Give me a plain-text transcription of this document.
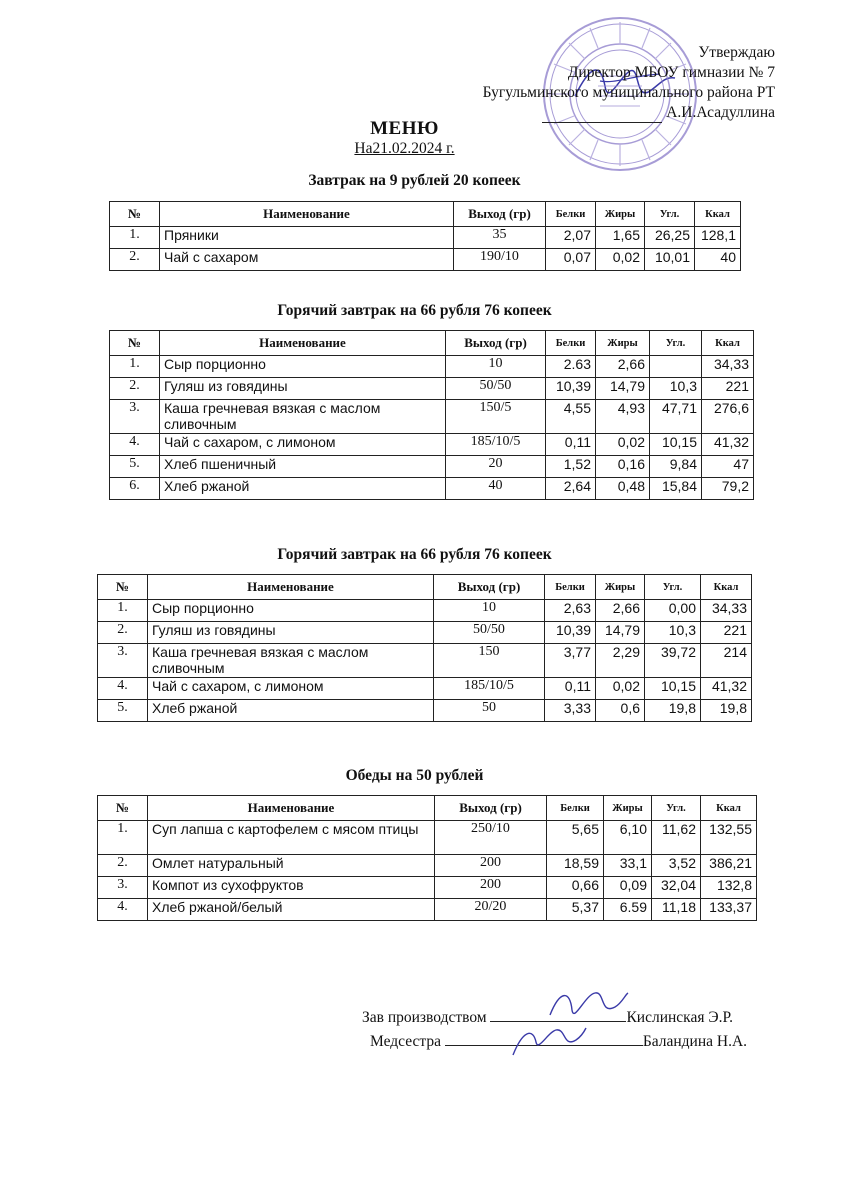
Утверждаю
Директор МБОУ гимназии № 7
Бугульминского муниципального района РТ
А.И.Асадуллина
МЕНЮ
На21.02.2024 г.
Завтрак на 9 рублей 20 копеек
№	Наименование	Выход (гр)	Белки	Жиры	Угл.	Ккал
1.	Пряники	35	2,07	1,65	26,25	128,1
2.	Чай с сахаром	190/10	0,07	0,02	10,01	40
Горячий завтрак на 66 рубля 76 копеек
№	Наименование	Выход (гр)	Белки	Жиры	Угл.	Ккал
1.	Сыр порционно	10	2.63	2,66		34,33
2.	Гуляш из говядины	50/50	10,39	14,79	10,3	221
3.	Каша гречневая вязкая с маслом сливочным	150/5	4,55	4,93	47,71	276,6
4.	Чай с сахаром, с лимоном	185/10/5	0,11	0,02	10,15	41,32
5.	Хлеб пшеничный	20	1,52	0,16	9,84	47
6.	Хлеб ржаной	40	2,64	0,48	15,84	79,2
Горячий завтрак на 66 рубля 76 копеек
№	Наименование	Выход (гр)	Белки	Жиры	Угл.	Ккал
1.	Сыр порционно	10	2,63	2,66	0,00	34,33
2.	Гуляш из говядины	50/50	10,39	14,79	10,3	221
3.	Каша гречневая вязкая с маслом сливочным	150	3,77	2,29	39,72	214
4.	Чай с сахаром, с лимоном	185/10/5	0,11	0,02	10,15	41,32
5.	Хлеб ржаной	50	3,33	0,6	19,8	19,8
Обеды на 50 рублей
№	Наименование	Выход (гр)	Белки	Жиры	Угл.	Ккал
1.	Суп лапша с картофелем с мясом птицы	250/10	5,65	6,10	11,62	132,55
2.	Омлет натуральный	200	18,59	33,1	3,52	386,21
3.	Компот из сухофруктов	200	0,66	0,09	32,04	132,8
4.	Хлеб ржаной/белый	20/20	5,37	6.59	11,18	133,37
Зав производством	Кислинская Э.Р.
Медсестра	Баландина Н.А.
